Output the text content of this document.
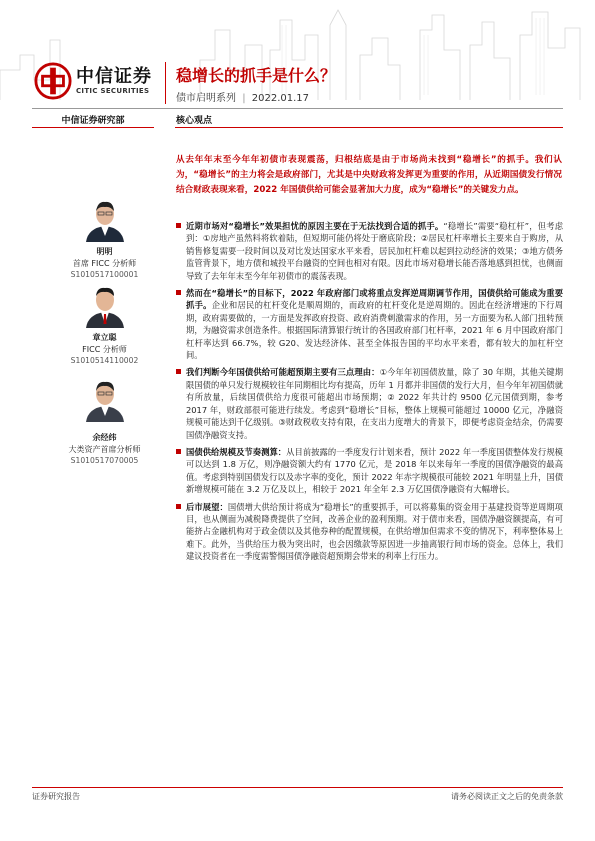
中信证券
CITIC SECURITIES
稳增长的抓手是什么？
债市启明系列 | 2022.01.17
中信证券研究部	核心观点
从去年年末至今年年初债市表现震荡，归根结底是由于市场尚未找到“稳增长”的抓手。我们认为，“稳增长”的主力将会是政府部门，尤其是中央财政将发挥更为重要的作用，从近期国债发行情况结合财政表现来看，2022 年国债供给可能会显著加大力度，成为“稳增长”的关键发力点。
明明
首席 FICC 分析师
S1010517100001
章立聪
FICC 分析师
S1010514110002
余经纬
大类资产首席分析师
S1010517070005
近期市场对“稳增长”效果担忧的原因主要在于无法找到合适的抓手。“稳增长”需要“稳杠杆”，但考虑到：①房地产虽然料将软着陆，但短期可能仍将处于磨底阶段；②居民杠杆率增长主要来自于购房，从销售修复需要一段时间以及对比发达国家水平来看，居民加杠杆难以起到拉动经济的效果；③地方债务监管背景下，地方债和城投平台融资的空间也相对有限。因此市场对稳增长能否落地感到担忧，也侧面导致了去年年末至今年年初债市的震荡表现。
然而在“稳增长”的目标下，2022 年政府部门或将重点发挥逆周期调节作用，国债供给可能成为重要抓手。企业和居民的杠杆变化是顺周期的，而政府的杠杆变化是逆周期的。因此在经济增速的下行周期，政府需要做的，一方面是发挥政府投资、政府消费刺激需求的作用，另一方面要为私人部门扭转预期，为融资需求创造条件。根据国际清算银行统计的各国政府部门杠杆率，2021 年 6 月中国政府部门杠杆率达到 66.7%，较 G20、发达经济体、甚至全体报告国的平均水平来看，都有较大的加杠杆空间。
我们判断今年国债供给可能超预期主要有三点理由：①今年年初国债放量，除了 30 年期，其他关键期限国债的单只发行规模较往年同期相比均有提高，历年 1 月都并非国债的发行大月，但今年年初国债就有所放量，后续国债供给力度很可能超出市场预期；② 2022 年共计约 9500 亿元国债到期，参考 2017 年，财政部很可能进行续发。考虑到“稳增长”目标，整体上规模可能超过 10000 亿元，净融资规模可能达到千亿级别。③财政税收支持有限，在支出力度增大的背景下，即便考虑资金结余，仍需要国债净融资支持。
国债供给规模及节奏测算：从目前披露的一季度发行计划来看，预计 2022 年一季度国债整体发行规模可以达到 1.8 万亿，则净融资额大约有 1770 亿元，是 2018 年以来每年一季度的国债净融资的最高值。考虑到特别国债发行以及赤字率的变化，预计 2022 年赤字规模很可能较 2021 年明显上升，国债新增规模可能在 3.2 万亿及以上，相较于 2021 年全年 2.3 万亿国债净融资有大幅增长。
后市展望：国债增大供给预计将成为“稳增长”的重要抓手，可以将募集的资金用于基建投资等逆周期项目，也从侧面为减税降费提供了空间，改善企业的盈利预期。对于债市来看，国债净融资额提高，有可能挤占金融机构对于政金债以及其他券种的配置规模，在供给增加但需求不变的情况下，利率整体易上难下。此外，当供给压力极为突出时，也会因缴款等原因进一步抽离银行间市场的资金。总体上，我们建议投资者在一季度需警惕国债净融资超预期会带来的利率上行压力。
证券研究报告	请务必阅读正文之后的免责条款
